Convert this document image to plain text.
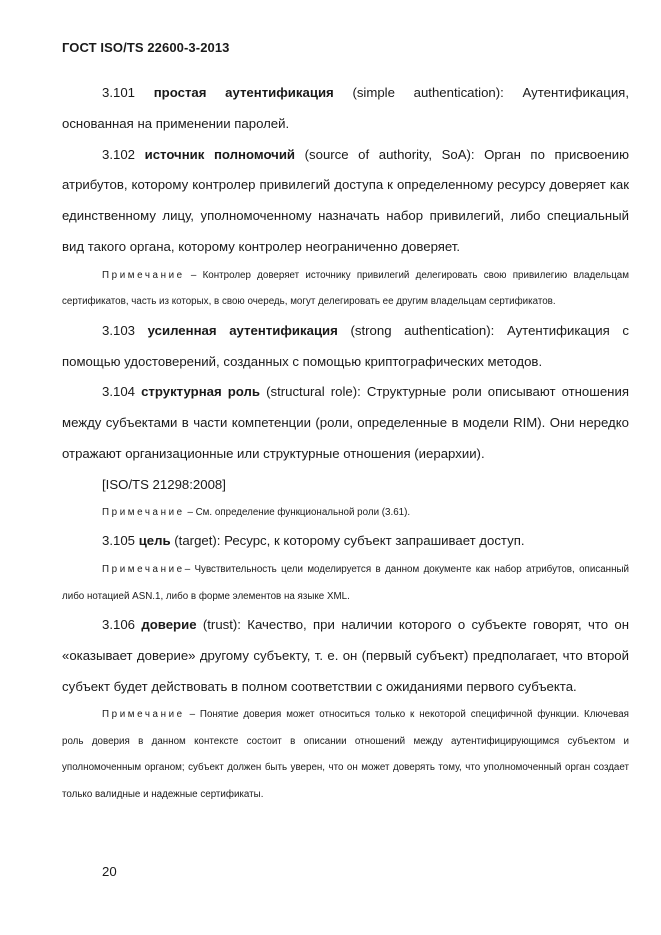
ГОСТ ISO/TS 22600-3-2013

3.101 простая аутентификация (simple authentication): Аутентификация, основанная на применении паролей.

3.102 источник полномочий (source of authority, SoA): Орган по присвоению атрибутов, которому контролер привилегий доступа к определенному ресурсу доверяет как единственному лицу, уполномоченному назначать набор привилегий, либо специальный вид такого органа, которому контролер неограниченно доверяет.

Примечание – Контролер доверяет источнику привилегий делегировать свою привилегию владельцам сертификатов, часть из которых, в свою очередь, могут делегировать ее другим владельцам сертификатов.

3.103 усиленная аутентификация (strong authentication): Аутентификация с помощью удостоверений, созданных с помощью криптографических методов.

3.104 структурная роль (structural role): Структурные роли описывают отношения между субъектами в части компетенции (роли, определенные в модели RIM). Они нередко отражают организационные или структурные отношения (иерархии).

[ISO/TS 21298:2008]

Примечание – См. определение функциональной роли (3.61).

3.105 цель (target): Ресурс, к которому субъект запрашивает доступ.

Примечание– Чувствительность цели моделируется в данном документе как набор атрибутов, описанный либо нотацией ASN.1, либо в форме элементов на языке XML.

3.106 доверие (trust): Качество, при наличии которого о субъекте говорят, что он «оказывает доверие» другому субъекту, т. е. он (первый субъект) предполагает, что второй субъект будет действовать в полном соответствии с ожиданиями первого субъекта.

Примечание – Понятие доверия может относиться только к некоторой специфичной функции. Ключевая роль доверия в данном контексте состоит в описании отношений между аутентифицирующимся субъектом и уполномоченным органом; субъект должен быть уверен, что он может доверять тому, что уполномоченный орган создает только валидные и надежные сертификаты.

20
